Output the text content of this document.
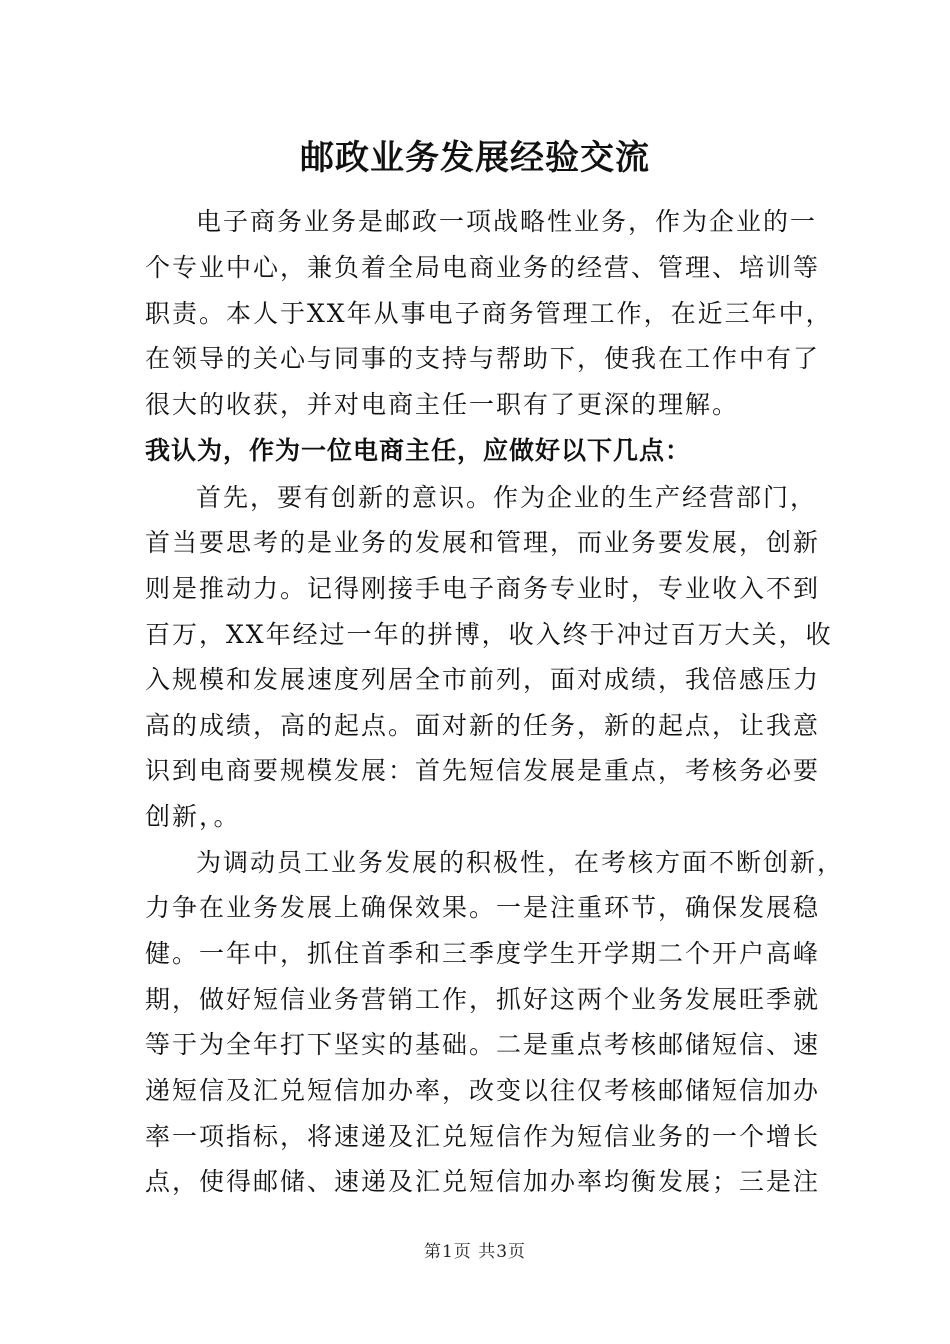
邮政业务发展经验交流
电子商务业务是邮政一项战略性业务，作为企业的一
个专业中心，兼负着全局电商业务的经营、管理、培训等
职责。本人于XX年从事电子商务管理工作，在近三年中，
在领导的关心与同事的支持与帮助下，使我在工作中有了
很大的收获，并对电商主任一职有了更深的理解。
我认为，作为一位电商主任，应做好以下几点：
首先，要有创新的意识。作为企业的生产经营部门，
首当要思考的是业务的发展和管理，而业务要发展，创新
则是推动力。记得刚接手电子商务专业时，专业收入不到
百万，XX年经过一年的拼博，收入终于冲过百万大关，收
入规模和发展速度列居全市前列，面对成绩，我倍感压力
高的成绩，高的起点。面对新的任务，新的起点，让我意
识到电商要规模发展：首先短信发展是重点，考核务必要
创新，。
为调动员工业务发展的积极性，在考核方面不断创新，
力争在业务发展上确保效果。一是注重环节，确保发展稳
健。一年中，抓住首季和三季度学生开学期二个开户高峰
期，做好短信业务营销工作，抓好这两个业务发展旺季就
等于为全年打下坚实的基础。二是重点考核邮储短信、速
递短信及汇兑短信加办率，改变以往仅考核邮储短信加办
率一项指标，将速递及汇兑短信作为短信业务的一个增长
点，使得邮储、速递及汇兑短信加办率均衡发展；三是注
第1页 共3页
